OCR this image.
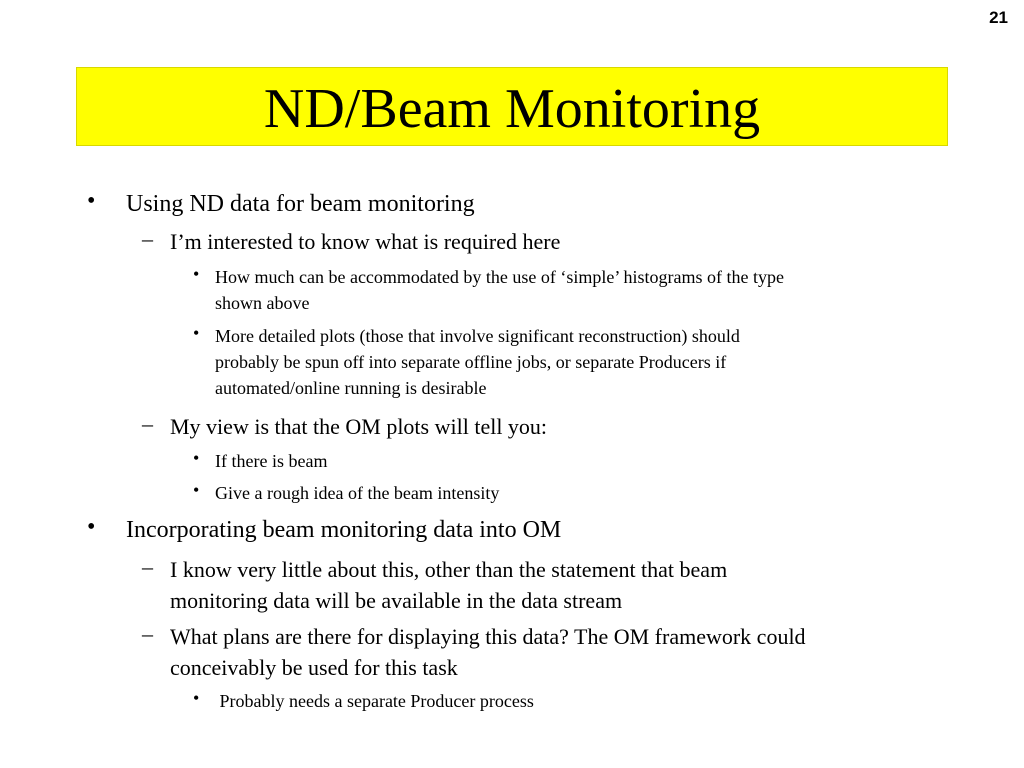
21
ND/Beam Monitoring
• Using ND data for beam monitoring
– I’m interested to know what is required here
• How much can be accommodated by the use of ‘simple’ histograms of the type
shown above
• More detailed plots (those that involve significant reconstruction) should
probably be spun off into separate offline jobs, or separate Producers if
automated/online running is desirable
– My view is that the OM plots will tell you:
• If there is beam
• Give a rough idea of the beam intensity
• Incorporating beam monitoring data into OM
– I know very little about this, other than the statement that beam
monitoring data will be available in the data stream
– What plans are there for displaying this data? The OM framework could
conceivably be used for this task
• Probably needs a separate Producer process
